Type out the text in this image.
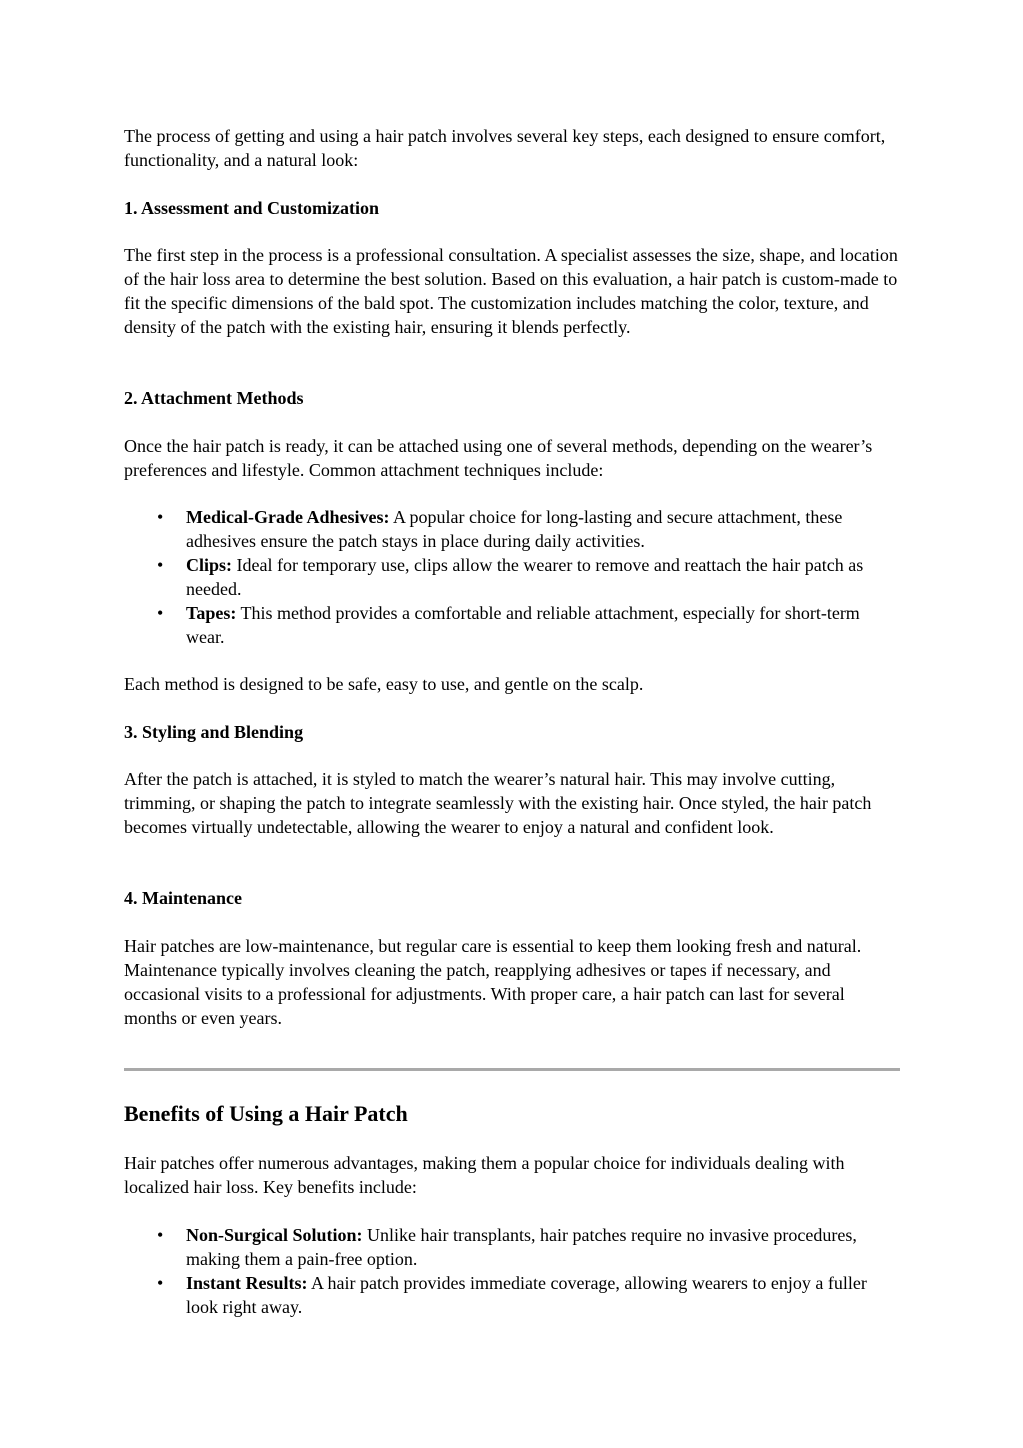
The process of getting and using a hair patch involves several key steps, each designed to ensure comfort, functionality, and a natural look:

1. Assessment and Customization

The first step in the process is a professional consultation. A specialist assesses the size, shape, and location of the hair loss area to determine the best solution. Based on this evaluation, a hair patch is custom-made to fit the specific dimensions of the bald spot. The customization includes matching the color, texture, and density of the patch with the existing hair, ensuring it blends perfectly.

2. Attachment Methods

Once the hair patch is ready, it can be attached using one of several methods, depending on the wearer’s preferences and lifestyle. Common attachment techniques include:

• Medical-Grade Adhesives: A popular choice for long-lasting and secure attachment, these adhesives ensure the patch stays in place during daily activities.
• Clips: Ideal for temporary use, clips allow the wearer to remove and reattach the hair patch as needed.
• Tapes: This method provides a comfortable and reliable attachment, especially for short-term wear.

Each method is designed to be safe, easy to use, and gentle on the scalp.

3. Styling and Blending

After the patch is attached, it is styled to match the wearer’s natural hair. This may involve cutting, trimming, or shaping the patch to integrate seamlessly with the existing hair. Once styled, the hair patch becomes virtually undetectable, allowing the wearer to enjoy a natural and confident look.

4. Maintenance

Hair patches are low-maintenance, but regular care is essential to keep them looking fresh and natural. Maintenance typically involves cleaning the patch, reapplying adhesives or tapes if necessary, and occasional visits to a professional for adjustments. With proper care, a hair patch can last for several months or even years.

Benefits of Using a Hair Patch

Hair patches offer numerous advantages, making them a popular choice for individuals dealing with localized hair loss. Key benefits include:

• Non-Surgical Solution: Unlike hair transplants, hair patches require no invasive procedures, making them a pain-free option.
• Instant Results: A hair patch provides immediate coverage, allowing wearers to enjoy a fuller look right away.
